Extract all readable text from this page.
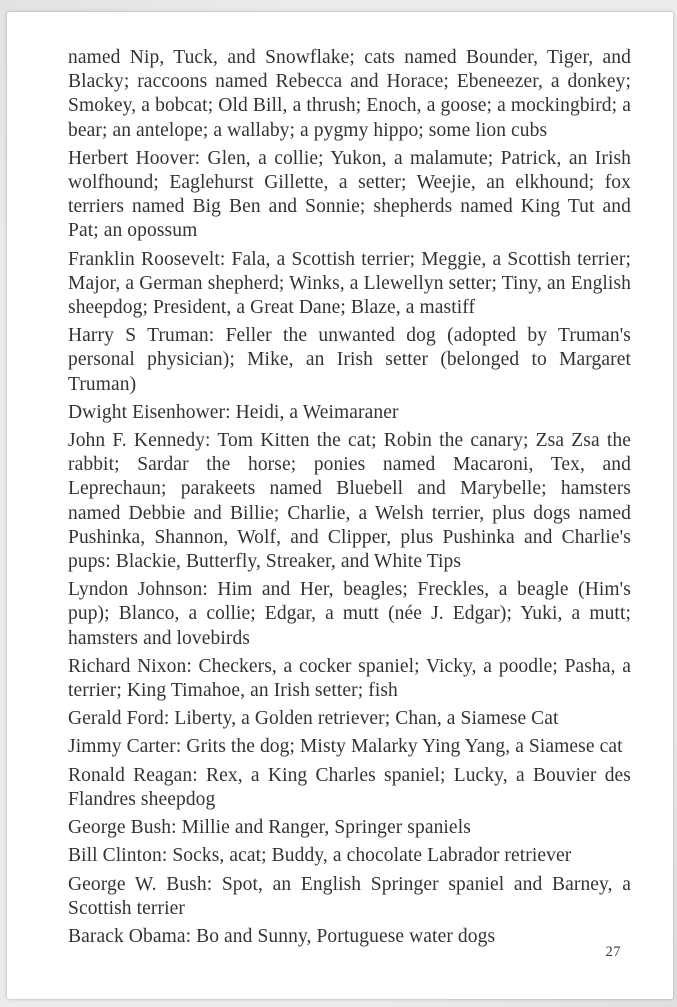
named Nip, Tuck, and Snowflake; cats named Bounder, Tiger, and Blacky; raccoons named Rebecca and Horace; Ebeneezer, a donkey; Smokey, a bobcat; Old Bill, a thrush; Enoch, a goose; a mockingbird; a bear; an antelope; a wallaby; a pygmy hippo; some lion cubs

Herbert Hoover: Glen, a collie; Yukon, a malamute; Patrick, an Irish wolfhound; Eaglehurst Gillette, a setter; Weejie, an elkhound; fox terriers named Big Ben and Sonnie; shepherds named King Tut and Pat; an opossum

Franklin Roosevelt: Fala, a Scottish terrier; Meggie, a Scottish terrier; Major, a German shepherd; Winks, a Llewellyn setter; Tiny, an English sheepdog; President, a Great Dane; Blaze, a mastiff

Harry S Truman: Feller the unwanted dog (adopted by Truman's personal physician); Mike, an Irish setter (belonged to Margaret Truman)

Dwight Eisenhower: Heidi, a Weimaraner

John F. Kennedy: Tom Kitten the cat; Robin the canary; Zsa Zsa the rabbit; Sardar the horse; ponies named Macaroni, Tex, and Leprechaun; parakeets named Bluebell and Marybelle; hamsters named Debbie and Billie; Charlie, a Welsh terrier, plus dogs named Pushinka, Shannon, Wolf, and Clipper, plus Pushinka and Charlie's pups: Blackie, Butterfly, Streaker, and White Tips

Lyndon Johnson: Him and Her, beagles; Freckles, a beagle (Him's pup); Blanco, a collie; Edgar, a mutt (née J. Edgar); Yuki, a mutt; hamsters and lovebirds

Richard Nixon: Checkers, a cocker spaniel; Vicky, a poodle; Pasha, a terrier; King Timahoe, an Irish setter; fish

Gerald Ford: Liberty, a Golden retriever; Chan, a Siamese Cat

Jimmy Carter: Grits the dog; Misty Malarky Ying Yang, a Siamese cat

Ronald Reagan: Rex, a King Charles spaniel; Lucky, a Bouvier des Flandres sheepdog

George Bush: Millie and Ranger, Springer spaniels

Bill Clinton: Socks, acat; Buddy, a chocolate Labrador retriever

George W. Bush: Spot, an English Springer spaniel and Barney, a Scottish terrier

Barack Obama: Bo and Sunny, Portuguese water dogs

27
